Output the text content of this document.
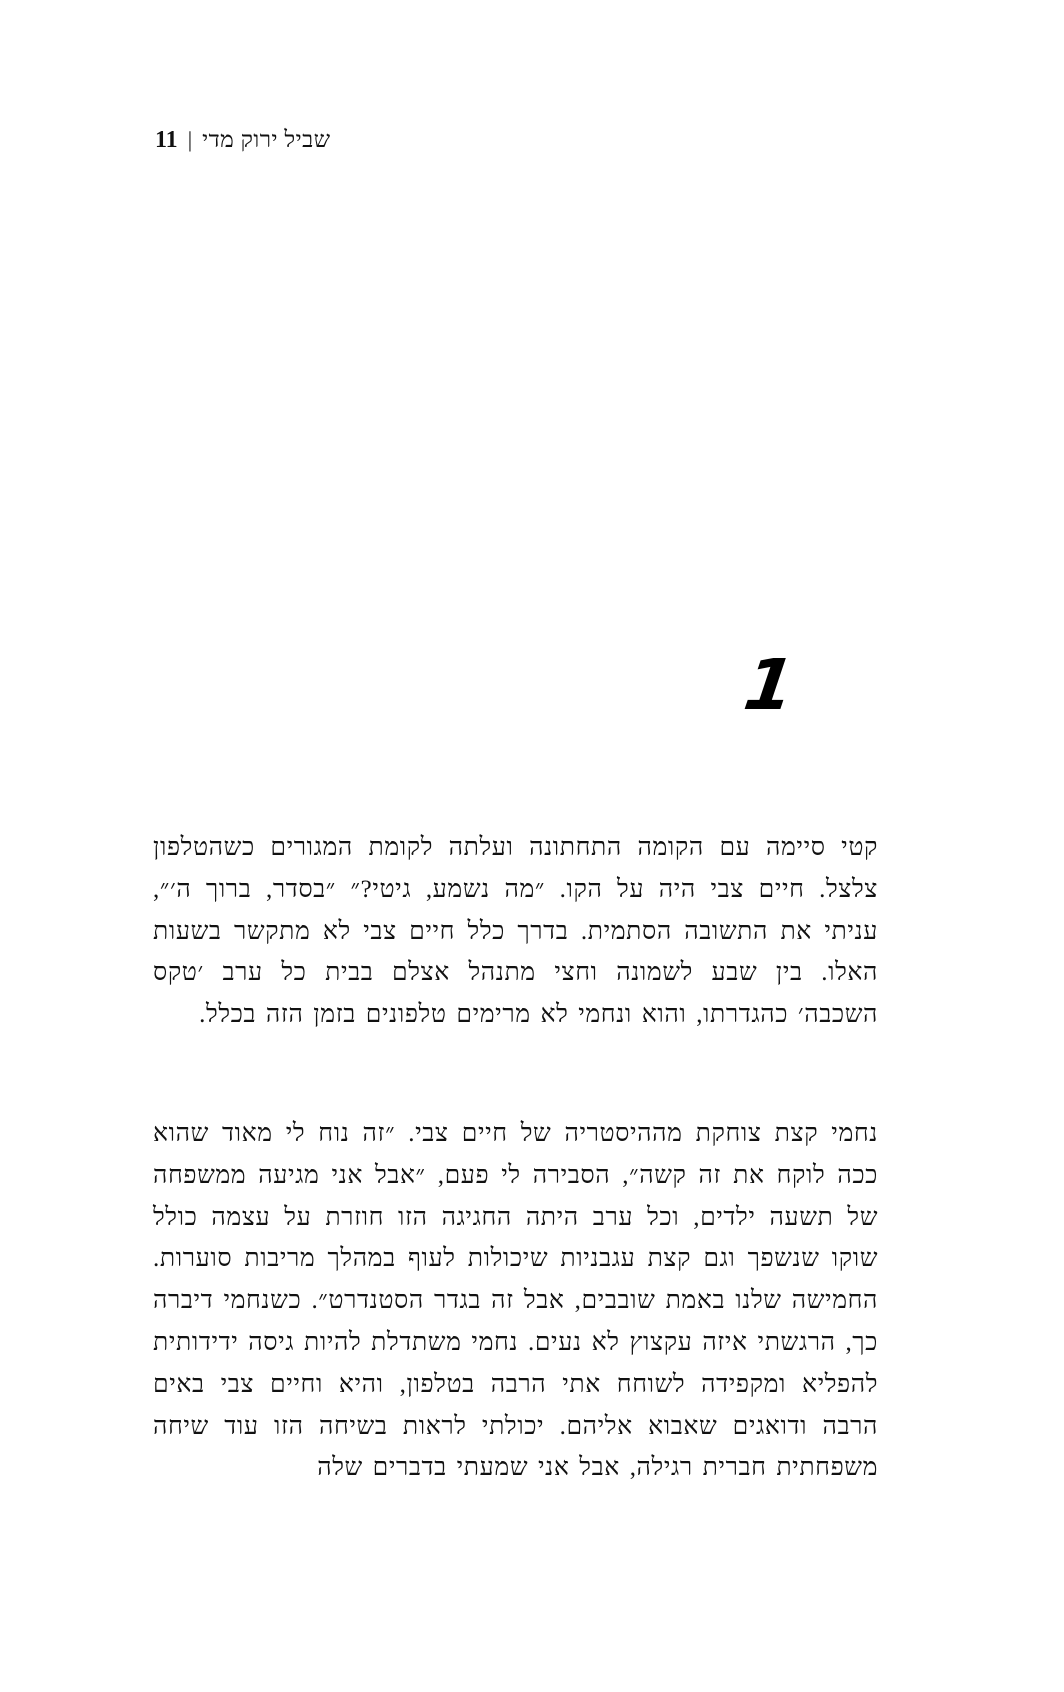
11 | שביל ירוק מדי
1

קטי סיימה עם הקומה התחתונה ועלתה לקומת המגורים כשהטלפון צלצל. חיים צבי היה על הקו. ״מה נשמע, גיטי?״ ״בסדר, ברוך ה׳״, עניתי את התשובה הסתמית. בדרך כלל חיים צבי לא מתקשר בשעות האלו. בין שבע לשמונה וחצי מתנהל אצלם בבית כל ערב ׳טקס השכבה׳ כהגדרתו, והוא ונחמי לא מרימים טלפונים בזמן הזה בכלל.

נחמי קצת צוחקת מההיסטריה של חיים צבי. ״זה נוח לי מאוד שהוא ככה לוקח את זה קשה״, הסבירה לי פעם, ״אבל אני מגיעה ממשפחה של תשעה ילדים, וכל ערב היתה החגיגה הזו חוזרת על עצמה כולל שוקו שנשפך וגם קצת עגבניות שיכולות לעוף במהלך מריבות סוערות. החמישה שלנו באמת שובבים, אבל זה בגדר הסטנדרט״. כשנחמי דיברה כך, הרגשתי איזה עקצוץ לא נעים. נחמי משתדלת להיות גיסה ידידותית להפליא ומקפידה לשוחח אתי הרבה בטלפון, והיא וחיים צבי באים הרבה ודואגים שאבוא אליהם. יכולתי לראות בשיחה הזו עוד שיחה משפחתית חברית רגילה, אבל אני שמעתי בדברים שלה
